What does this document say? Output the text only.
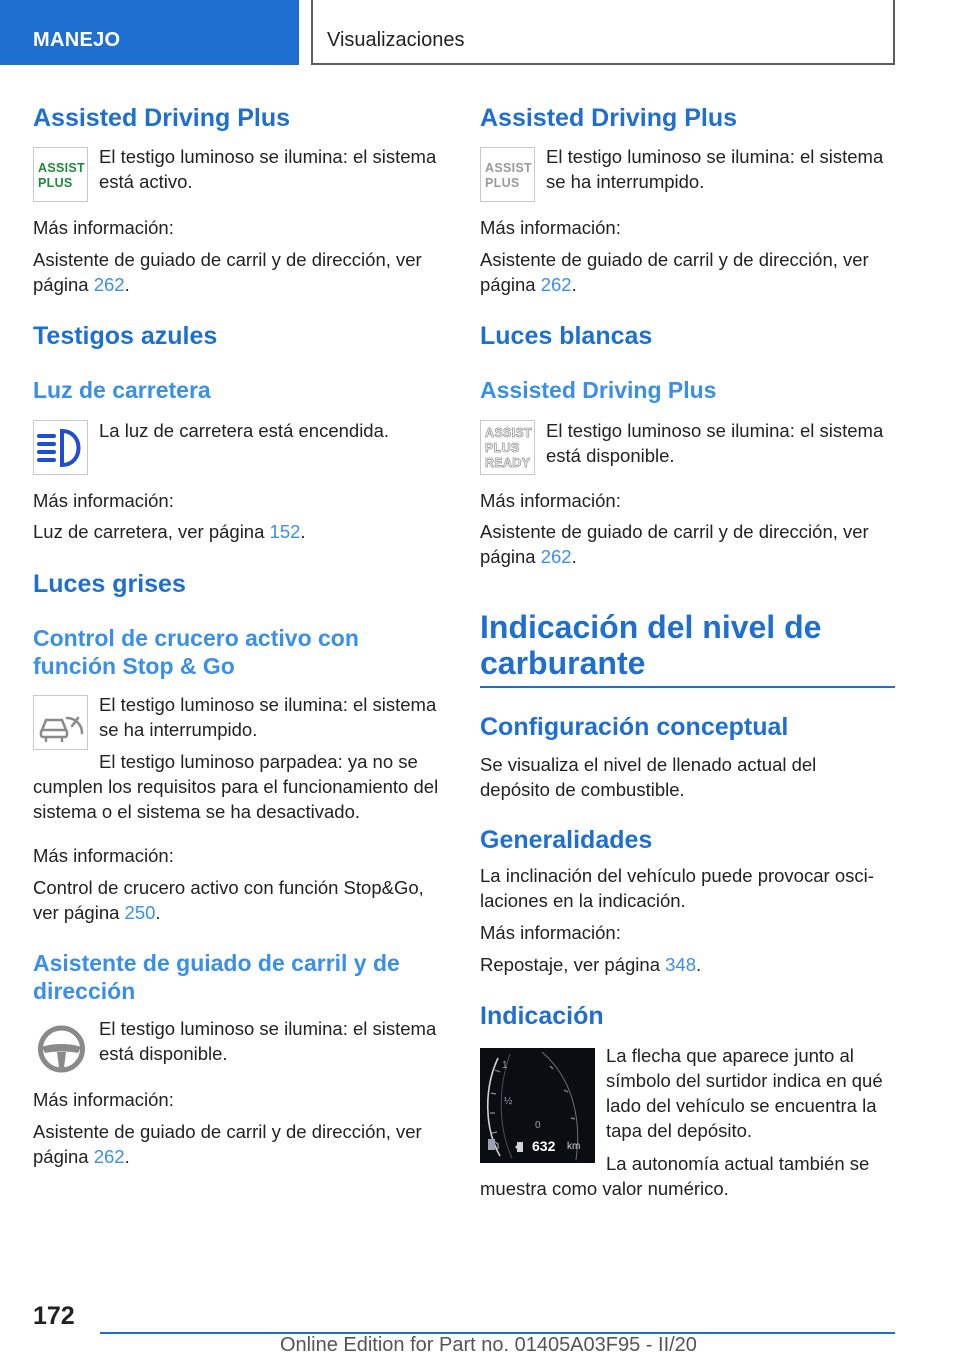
MANEJO	Visualizaciones
Assisted Driving Plus
ASSIST
PLUS
El testigo luminoso se ilumina: el sistema está activo.
Más información:
Asistente de guiado de carril y de dirección, ver página 262.
Testigos azules
Luz de carretera
La luz de carretera está encendida.
Más información:
Luz de carretera, ver página 152.
Luces grises
Control de crucero activo con función Stop & Go
El testigo luminoso se ilumina: el sistema se ha interrumpido.
El testigo luminoso parpadea: ya no se cumplen los requisitos para el funcionamiento del sistema o el sistema se ha desactivado.
Más información:
Control de crucero activo con función Stop&Go, ver página 250.
Asistente de guiado de carril y de dirección
El testigo luminoso se ilumina: el sistema está disponible.
Más información:
Asistente de guiado de carril y de dirección, ver página 262.
Assisted Driving Plus
ASSIST
PLUS
El testigo luminoso se ilumina: el sistema se ha interrumpido.
Más información:
Asistente de guiado de carril y de dirección, ver página 262.
Luces blancas
Assisted Driving Plus
ASSIST
PLUS
READY
El testigo luminoso se ilumina: el sistema está disponible.
Más información:
Asistente de guiado de carril y de dirección, ver página 262.
Indicación del nivel de carburante
Configuración conceptual
Se visualiza el nivel de llenado actual del depósito de combustible.
Generalidades
La inclinación del vehículo puede provocar oscilaciones en la indicación.
Más información:
Repostaje, ver página 348.
Indicación
1
½
0
632 km
La flecha que aparece junto al símbolo del surtidor indica en qué lado del vehículo se encuentra la tapa del depósito.
La autonomía actual también se muestra como valor numérico.
172
Online Edition for Part no. 01405A03F95 - II/20
